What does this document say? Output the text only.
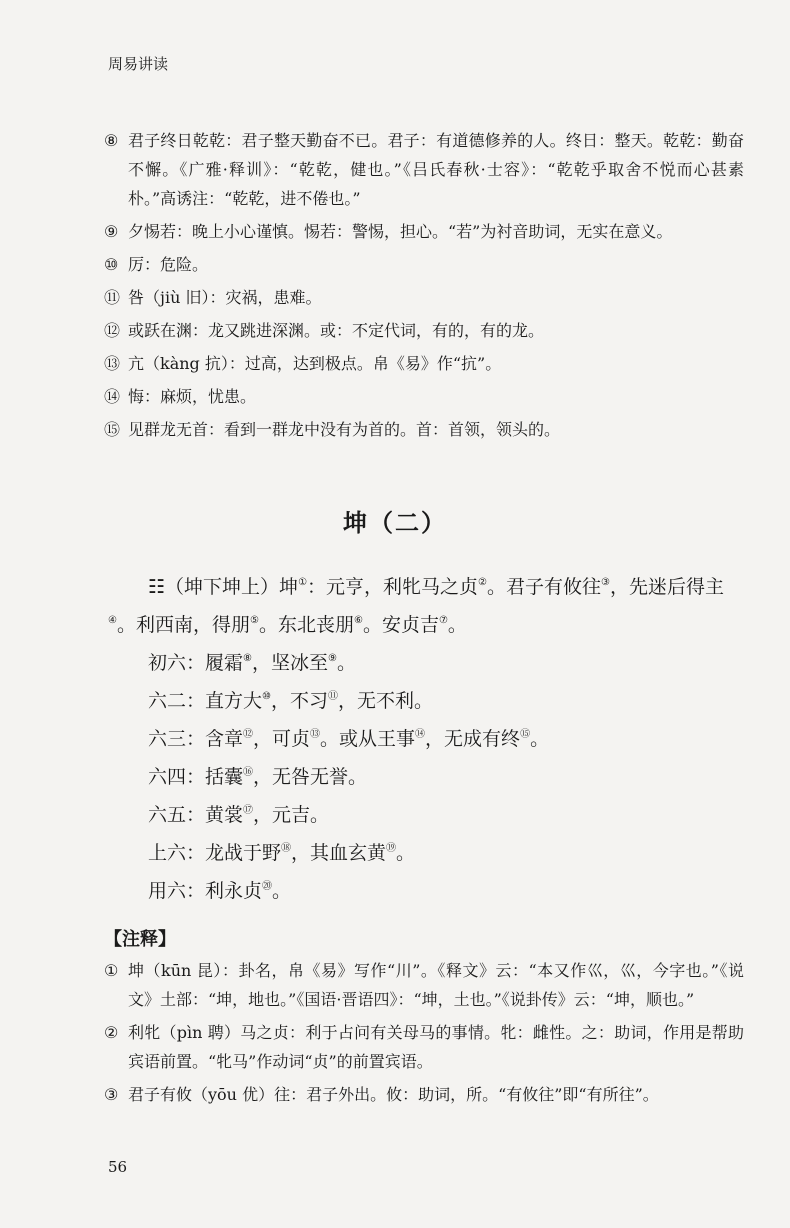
周易讲读
⑧ 君子终日乾乾：君子整天勤奋不已。君子：有道德修养的人。终日：整天。乾乾：勤奋不懈。《广雅·释训》：“乾乾，健也。”《吕氏春秋·士容》：“乾乾乎取舍不悦而心甚素朴。”高诱注：“乾乾，进不倦也。”
⑨ 夕惕若：晚上小心谨慎。惕若：警惕，担心。“若”为衬音助词，无实在意义。
⑩ 厉：危险。
⑪ 咎（jiù 旧）：灾祸，患难。
⑫ 或跃在渊：龙又跳进深渊。或：不定代词，有的，有的龙。
⑬ 亢（kàng 抗）：过高，达到极点。帛《易》作“抗”。
⑭ 悔：麻烦，忧患。
⑮ 见群龙无首：看到一群龙中没有为首的。首：首领，领头的。
坤（二）

☷（坤下坤上）坤①：元亨，利牝马之贞②。君子有攸往③，先迷后得主④。利西南，得朋⑤。东北丧朋⑥。安贞吉⑦。

初六：履霜⑧，坚冰至⑨。

六二：直方大⑩，不习⑪，无不利。

六三：含章⑫，可贞⑬。或从王事⑭，无成有终⑮。

六四：括囊⑯，无咎无誉。

六五：黄裳⑰，元吉。

上六：龙战于野⑱，其血玄黄⑲。

用六：利永贞⑳。

【注释】
① 坤（kūn 昆）：卦名，帛《易》写作“川”。《释文》云：“本又作巛，巛，今字也。”《说文》土部：“坤，地也。”《国语·晋语四》：“坤，土也。”《说卦传》云：“坤，顺也。”
② 利牝（pìn 聘）马之贞：利于占问有关母马的事情。牝：雌性。之：助词，作用是帮助宾语前置。“牝马”作动词“贞”的前置宾语。
③ 君子有攸（yōu 优）往：君子外出。攸：助词，所。“有攸往”即“有所往”。
56
